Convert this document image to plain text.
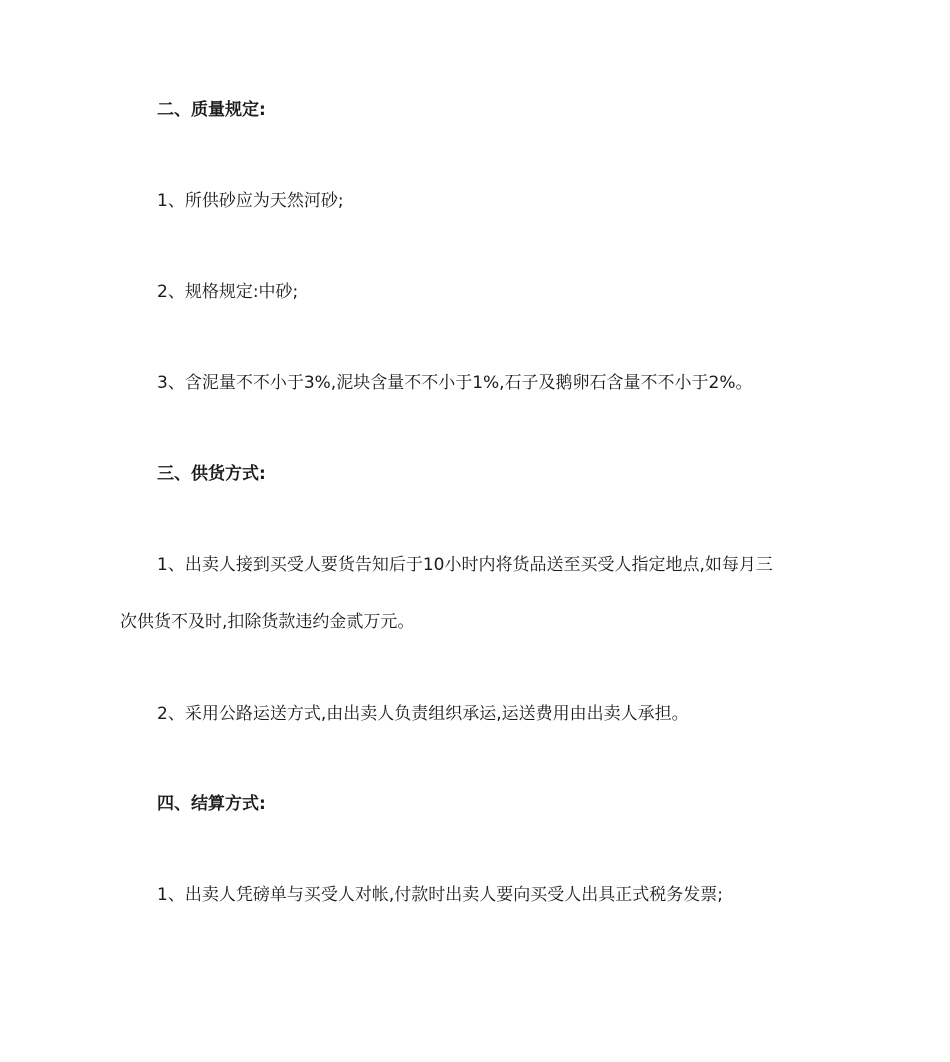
二、质量规定:
1、所供砂应为天然河砂;
2、规格规定:中砂;
3、含泥量不不小于3%,泥块含量不不小于1%,石子及鹅卵石含量不不小于2%。
三、供货方式:
1、出卖人接到买受人要货告知后于10小时内将货品送至买受人指定地点,如每月三
次供货不及时,扣除货款违约金贰万元。
2、采用公路运送方式,由出卖人负责组织承运,运送费用由出卖人承担。
四、结算方式:
1、出卖人凭磅单与买受人对帐,付款时出卖人要向买受人出具正式税务发票;
